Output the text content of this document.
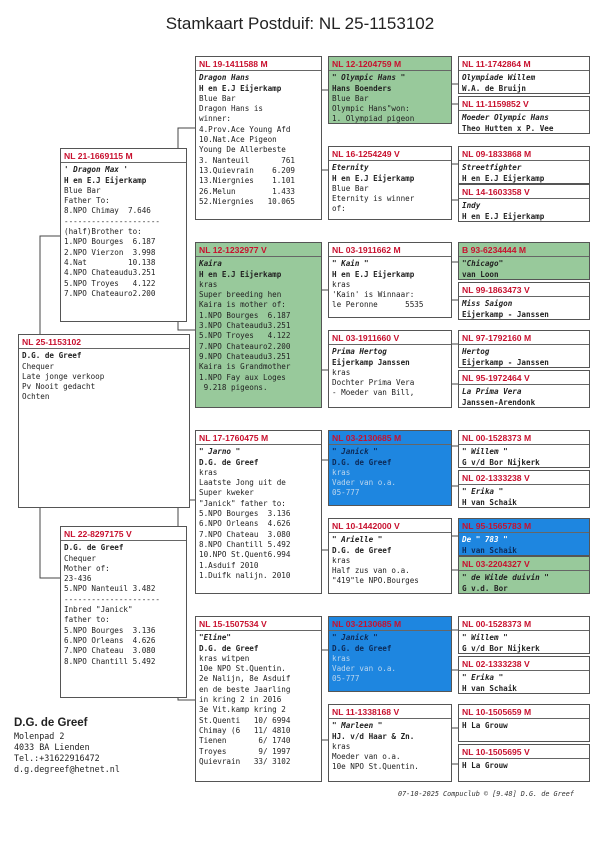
Stamkaart Postduif: NL 25-1153102
NL 25-1153102
D.G. de Greef
Chequer
Late jonge verkoop
Pv Nooit gedacht
Ochten
NL 21-1669115 M
' Dragon Max '
H en E.J Eijerkamp
Blue Bar
Father To:
8.NPO Chimay  7.646
---------------------
(half)Brother to:
1.NPO Bourges  6.187
2.NPO Vierzon  3.998
4.Nat         10.138
4.NPO Chateaudu3.251
5.NPO Troyes   4.122
7.NPO Chateauro2.200
NL 22-8297175 V
D.G. de Greef
Chequer
Mother of:
23-436
5.NPO Nanteuil 3.482
---------------------
Inbred "Janick"
father to:
5.NPO Bourges  3.136
6.NPO Orleans  4.626
7.NPO Chateau  3.080
8.NPO Chantill 5.492
NL 19-1411588 M
Dragon Hans
H en E.J Eijerkamp
Blue Bar
Dragon Hans is
winner:
4.Prov.Ace Young Afd
10.Nat.Ace Pigeon
Young De Allerbeste
3. Nanteuil       761
13.Quievrain    6.209
13.Niergnies    1.101
26.Melun        1.433
52.Niergnies   10.065
NL 12-1232977 V
Kaira
H en E.J Eijerkamp
kras
Super breeding hen
Kaira is mother of:
1.NPO Bourges  6.187
3.NPO Chateaudu3.251
5.NPO Troyes   4.122
7.NPO Chateauro2.200
9.NPO Chateaudu3.251
Kaira is Grandmother
1.NPO Fay aux Loges
9.218 pigeons.
NL 17-1760475 M
" Jarno "
D.G. de Greef
kras
Laatste Jong uit de
Super kweker
"Janick" father to:
5.NPO Bourges  3.136
6.NPO Orleans  4.626
7.NPO Chateau  3.080
8.NPO Chantill 5.492
10.NPO St.Quent6.994
1.Asduif 2010
1.Duifk nalijn. 2010
NL 15-1507534 V
"Eline"
D.G. de Greef
kras witpen
10e NPO St.Quentin.
2e Nalijn, 8e Asduif
en de beste Jaarling
in kring 2 in 2016
3e Vit.kamp kring 2
St.Quenti   10/ 6994
Chimay (6   11/ 4810
Tienen       6/ 1740
Troyes       9/ 1997
Quievrain   33/ 3102
NL 12-1204759 M
" Olympic Hans "
Hans Boenders
Blue Bar
Olympic Hans"won:
1. Olympiad pigeon
NL 16-1254249 V
Eternity
H en E.J Eijerkamp
Blue Bar
Eternity is winner
of:
NL 03-1911662 M
" Kain "
H en E.J Eijerkamp
kras
'Kain' is Winnaar:
le Peronne      5535
NL 03-1911660 V
Prima Hertog
Eijerkamp Janssen
kras
Dochter Prima Vera
- Moeder van Bill,
NL 03-2130685 M
" Janick "
D.G. de Greef
kras
Vader van o.a.
05-777
NL 10-1442000 V
" Arielle "
D.G. de Greef
kras
Half zus van o.a.
"419"le NPO.Bourges
NL 03-2130685 M
" Janick "
D.G. de Greef
kras
Vader van o.a.
05-777
NL 11-1338168 V
" Marleen "
HJ. v/d Haar & Zn.
kras
Moeder van o.a.
10e NPO St.Quentin.
NL 11-1742864 M
Olympiade Willem
W.A. de Bruijn
NL 11-1159852 V
Moeder Olympic Hans
Theo Hutten x P. Vee
NL 09-1833868 M
Streetfighter
H en E.J Eijerkamp
NL 14-1603358 V
Indy
H en E.J Eijerkamp
B 93-6234444 M
"Chicago"
van Loon
NL 99-1863473 V
Miss Saigon
Eijerkamp - Janssen
NL 97-1792160 M
Hertog
Eijerkamp - Janssen
NL 95-1972464 V
La Prima Vera
Janssen-Arendonk
NL 00-1528373 M
" Willem "
G v/d Bor Nijkerk
NL 02-1333238 V
" Erika "
H van Schaik
NL 95-1565783 M
De " 783 "
H van Schaik
NL 03-2204327 V
" de Wilde duivin "
G v.d. Bor
NL 00-1528373 M
" Willem "
G v/d Bor Nijkerk
NL 02-1333238 V
" Erika "
H van Schaik
NL 10-1505659 M
H La Grouw
NL 10-1505695 V
H La Grouw
D.G. de Greef
Molenpad 2
4033 BA Lienden
Tel.:+31622916472
d.g.degreef@hetnet.nl
07-10-2025 Compuclub © [9.48] D.G. de Greef
